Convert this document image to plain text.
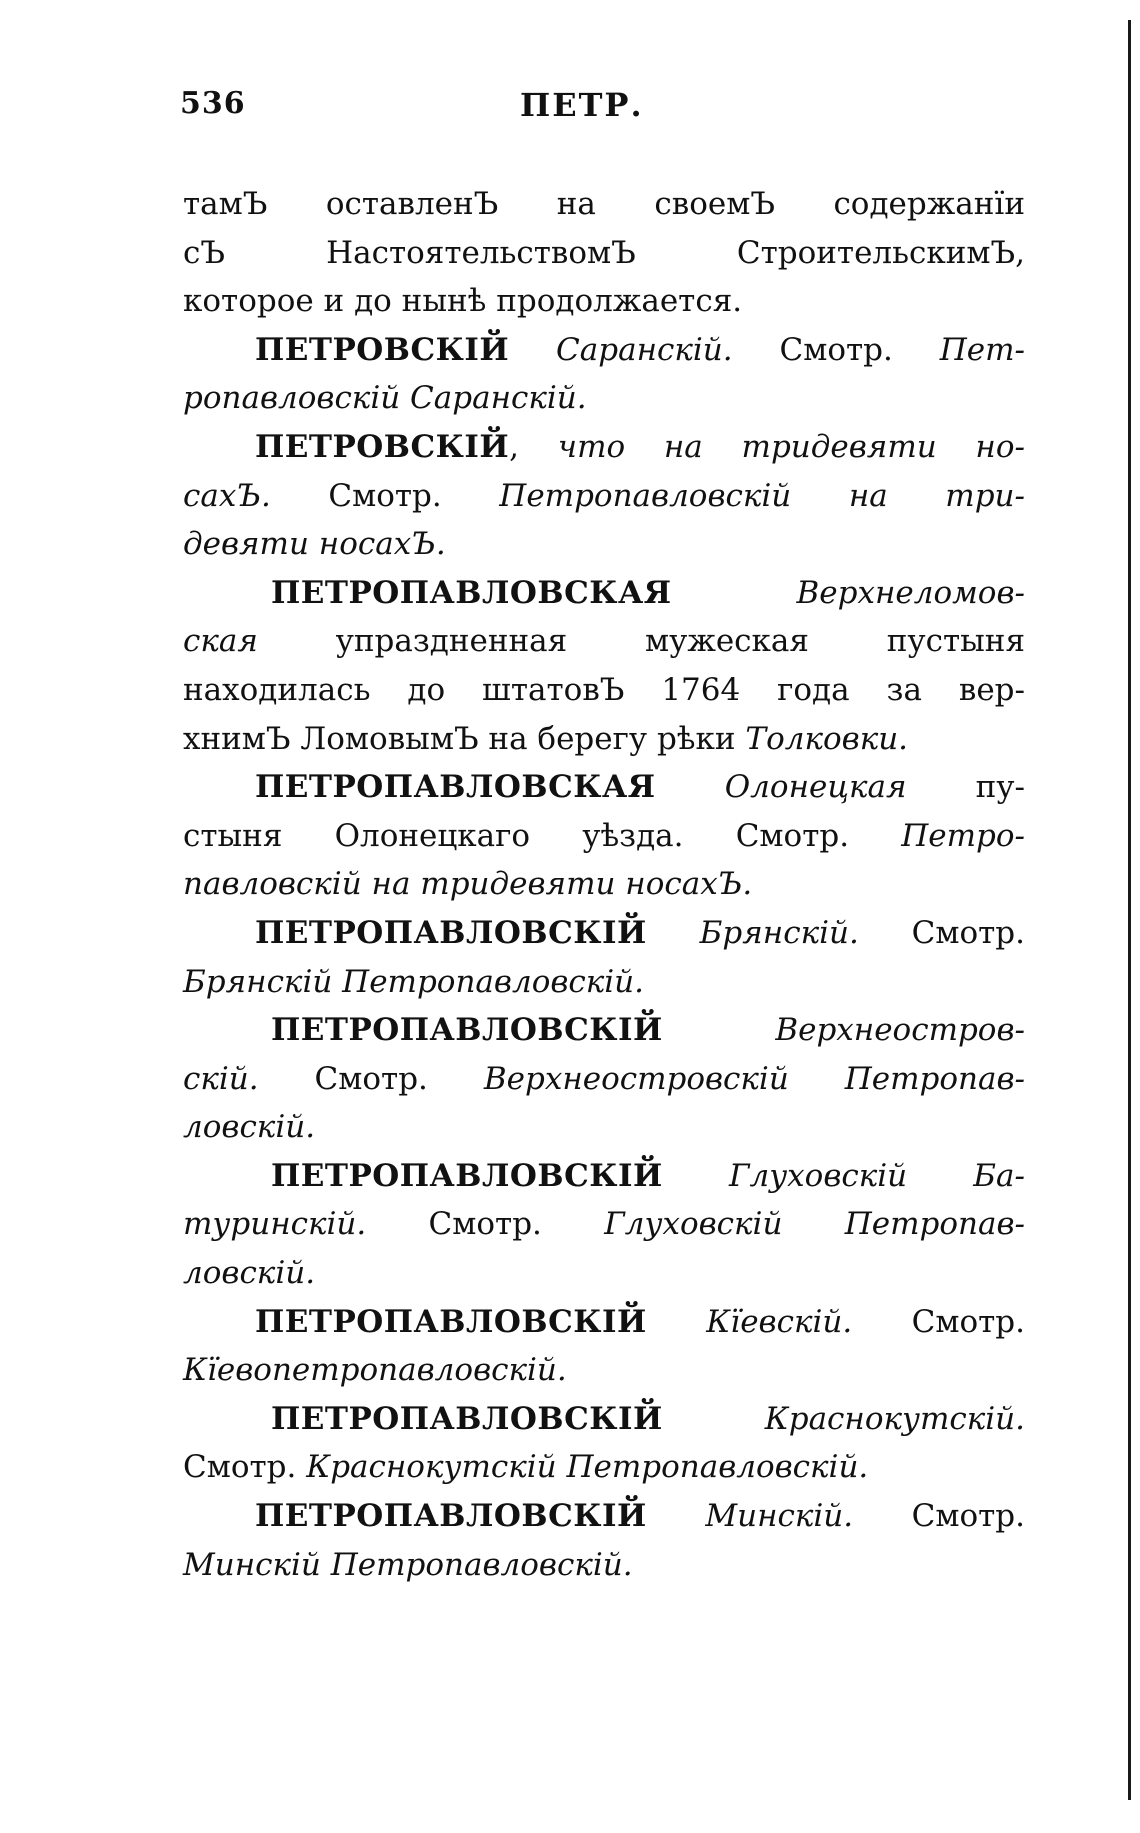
536	ПЕТР.
тамЪ оставленЪ на своемЪ содержанїи
сЪ НастоятельствомЪ СтроительскимЪ,
которое и до нынѣ продолжается.
ПЕТРОВСКІЙ Саранскій. Смотр. Пет-
ропавловскій Саранскій.
ПЕТРОВСКІЙ, что на тридевяти но-
сахЪ. Смотр. Петропавловскій на три-
девяти носахЪ.
ПЕТРОПАВЛОВСКАЯ	Верхнеломов-
ская упраздненная мужеская пустыня
находилась до штатовЪ 1764 года за вер-
хнимЪ ЛомовымЪ на берегу рѣки Толковки.
ПЕТРОПАВЛОВСКАЯ Олонецкая пу-
стыня Олонецкаго уѣзда. Смотр. Петро-
павловскій на тридевяти носахЪ.
ПЕТРОПАВЛОВСКІЙ Брянскій. Смотр.
Брянскій Петропавловскій.
ПЕТРОПАВЛОВСКІЙ	Верхнеостров-
скій. Смотр. Верхнеостровскій Петропав-
ловскій.
ПЕТРОПАВЛОВСКІЙ Глуховскій Ба-
туринскій. Смотр. Глуховскій Петропав-
ловскій.
ПЕТРОПАВЛОВСКІЙ Кїевскій. Смотр.
Кїевопетропавловскій.
ПЕТРОПАВЛОВСКІЙ	Краснокутскій.
Смотр. Краснокутскій Петропавловскій.
ПЕТРОПАВЛОВСКІЙ Минскій. Смотр.
Минскій Петропавловскій.
